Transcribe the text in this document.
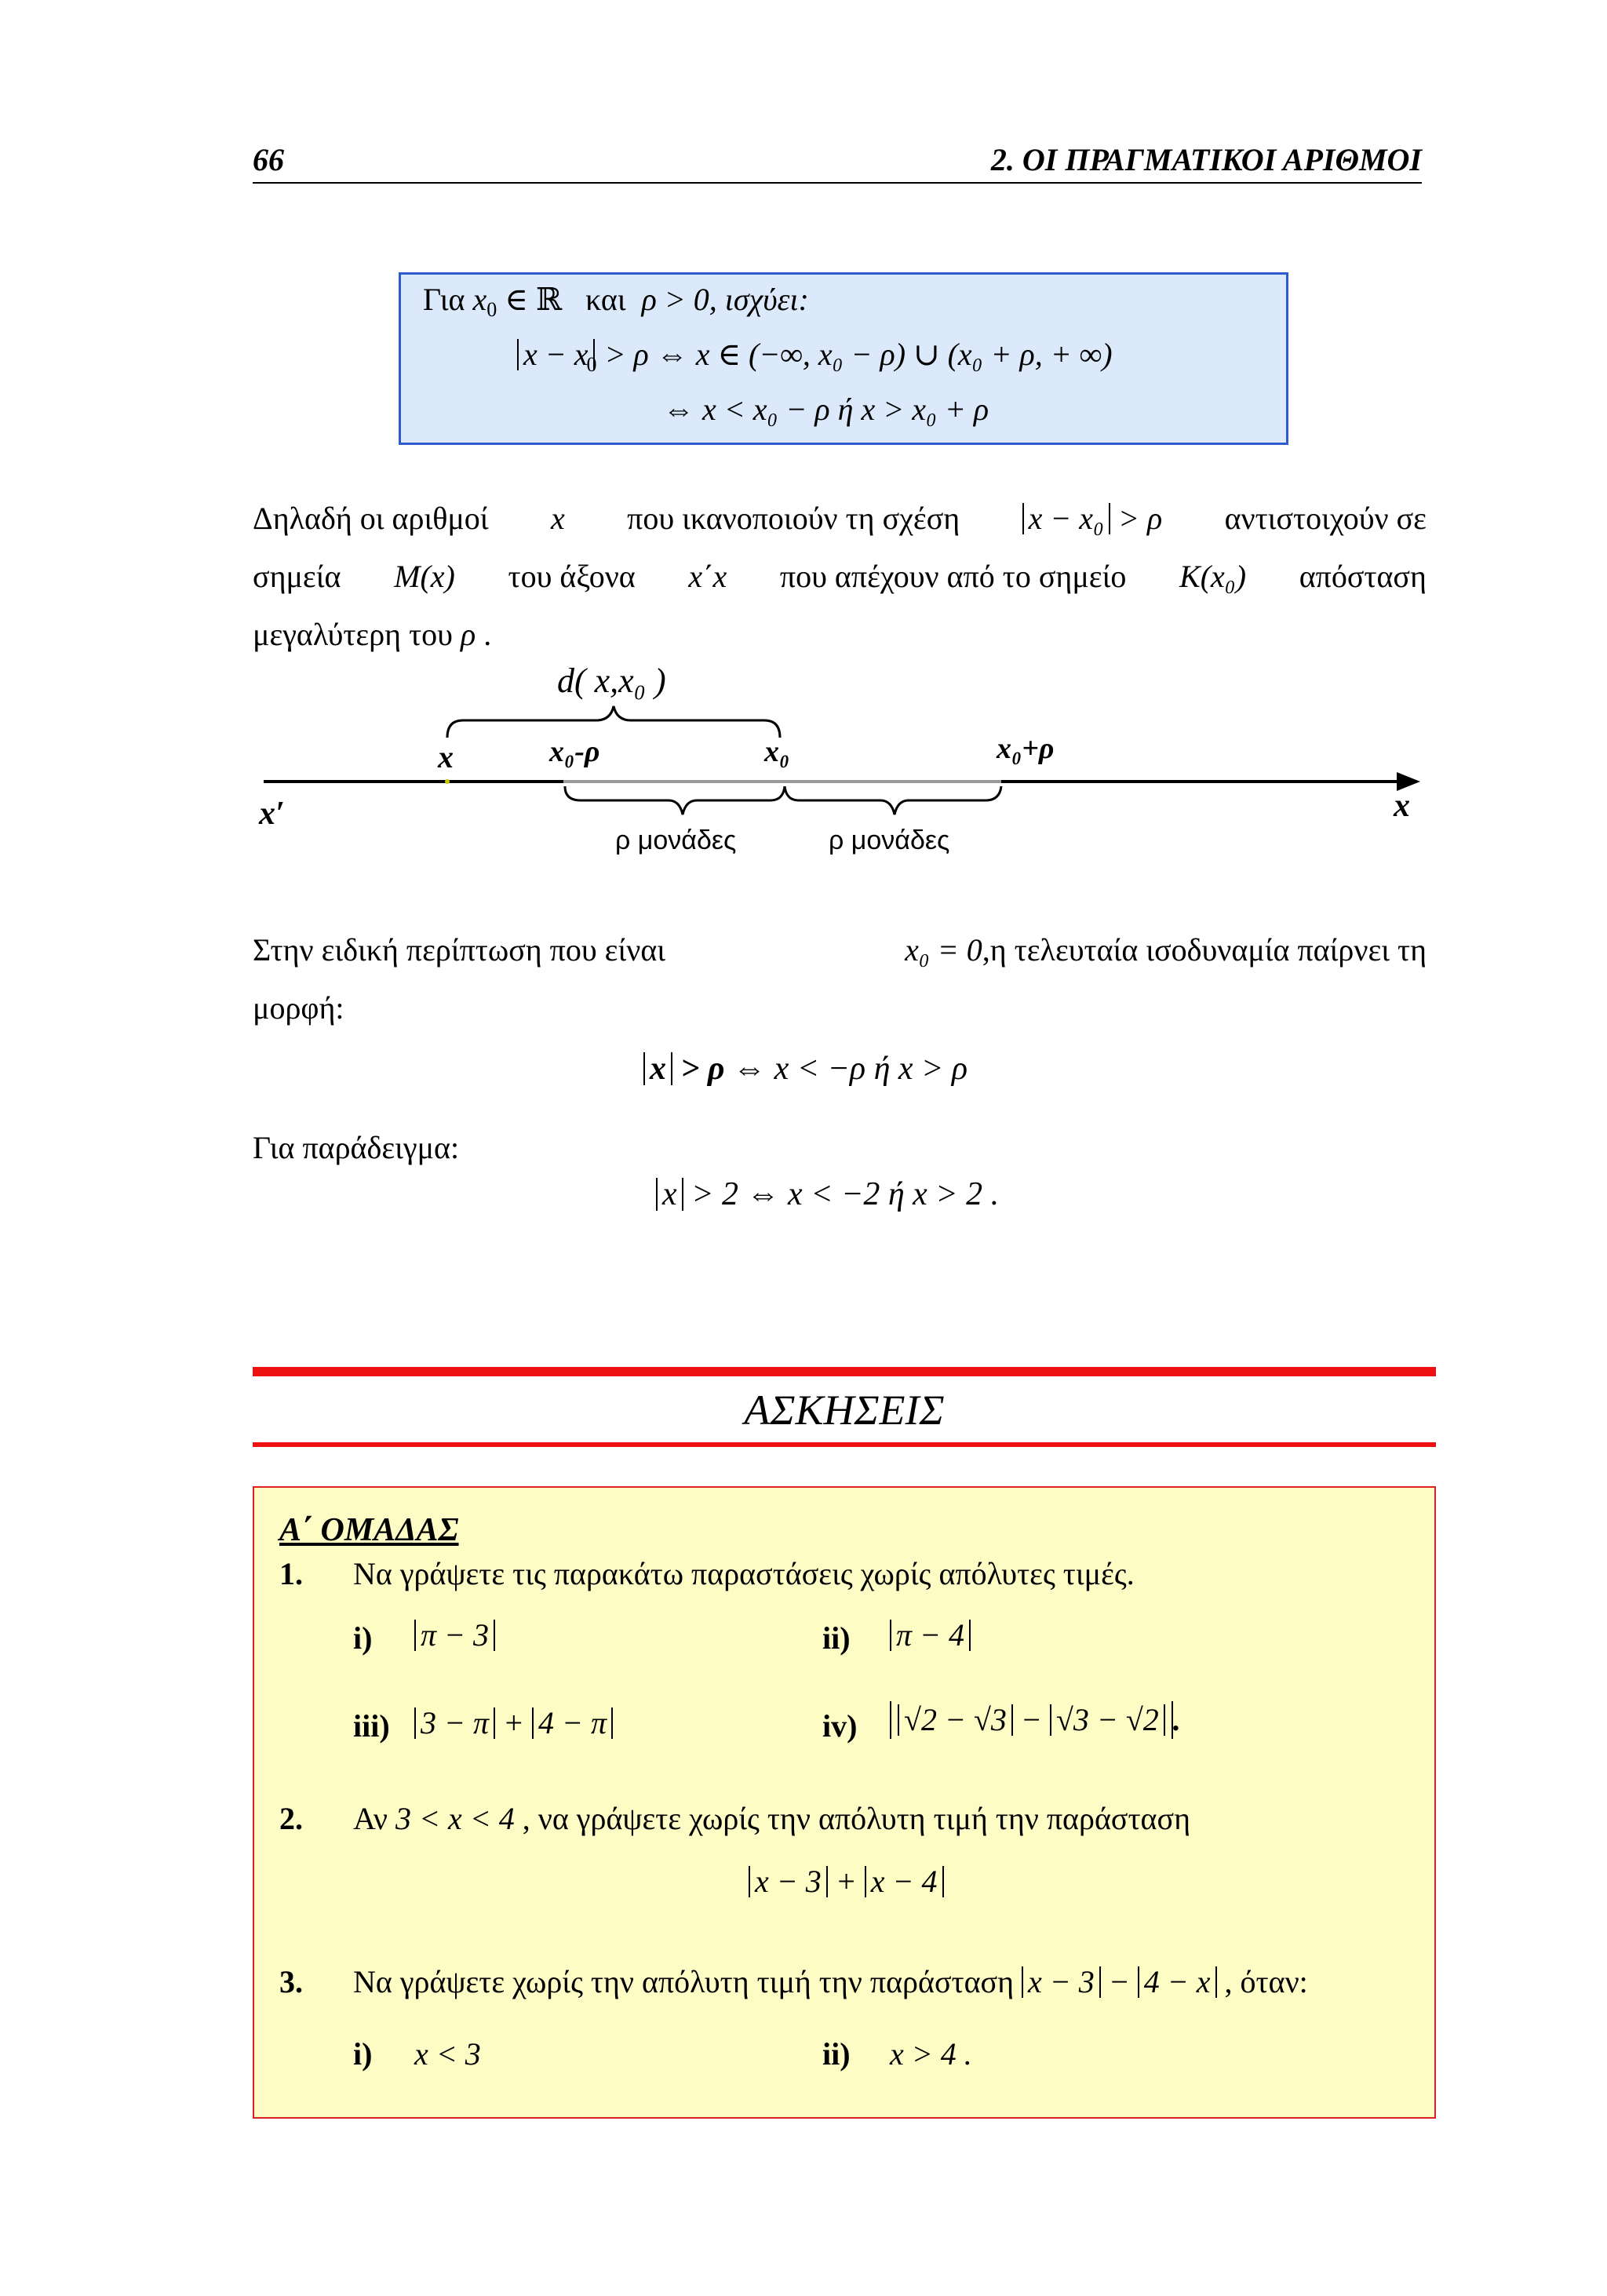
66	2. ΟΙ ΠΡΑΓΜΑΤΙΚΟΙ ΑΡΙΘΜΟΙ
Για $x_0$ ∈ ℝ και ρ > 0, ισχύει:
$x - x_0 > \rho$ ⇔ x ∈ (−∞, x₀ − ρ) ∪ (x₀ + ρ, + ∞)
⇔ x < x₀ − ρ ή x > x₀ + ρ
Δηλαδή οι αριθμοί x που ικανοποιούν τη σχέση x − x₀ > ρ αντιστοιχούν σε
σημεία M(x) του άξονα x΄x που απέχουν από το σημείο K(x₀) απόσταση
μεγαλύτερη του ρ .
d( x,x₀ )
x	x₀-ρ	x₀	x₀+ρ
x′	x
ρ μονάδες	ρ μονάδες
Στην ειδική περίπτωση που είναι	x₀ = 0,η τελευταία ισοδυναμία παίρνει τη
μορφή:
x > ρ ⇔ x < −ρ ή x > ρ
Για παράδειγμα:
x > 2 ⇔ x < −2 ή x > 2 .
ΑΣΚΗΣΕΙΣ
Α΄ ΟΜΑΔΑΣ
1. Να γράψετε τις παρακάτω παραστάσεις χωρίς απόλυτες τιμές.
i) π − 3	ii) π − 4
iii) 3 − π + 4 − π	iv)	√2 − √3 − √3 − √2 .
2. Αν 3 < x < 4 , να γράψετε χωρίς την απόλυτη τιμή την παράσταση
x − 3 + x − 4
3. Να γράψετε χωρίς την απόλυτη τιμή την παράσταση x − 3 − 4 − x , όταν:
i) x < 3	ii) x > 4 .
